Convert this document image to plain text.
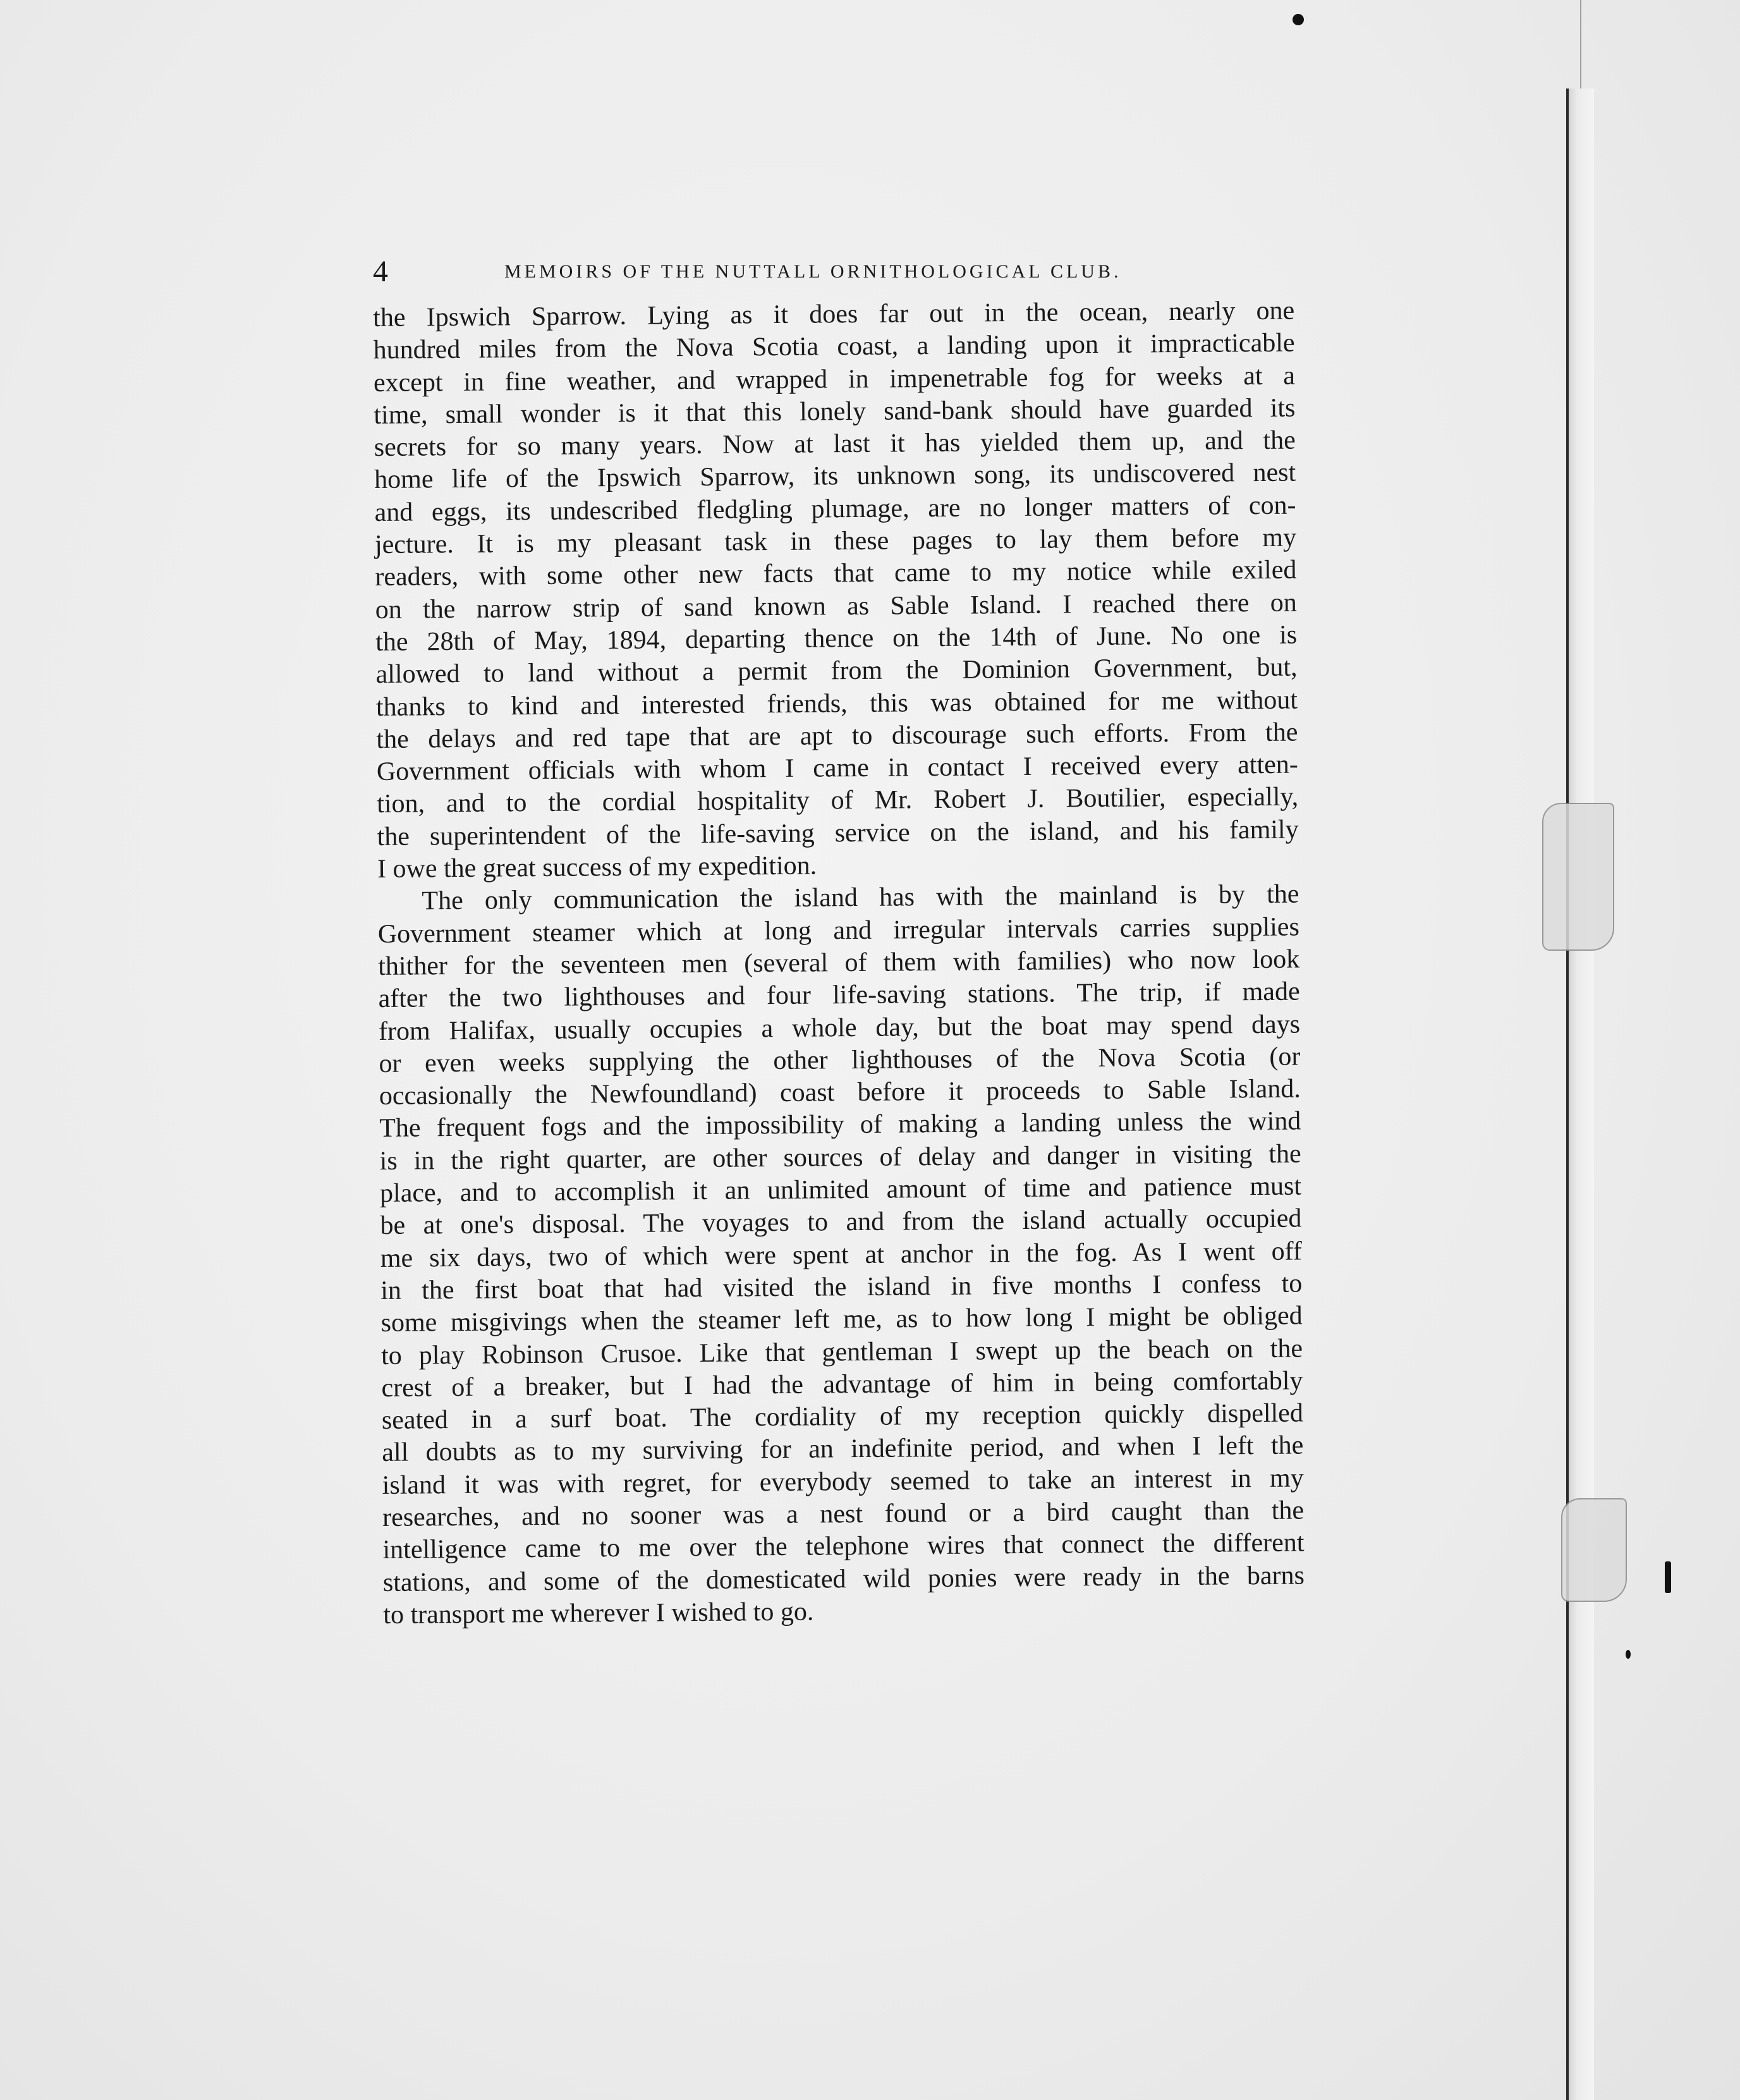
4	MEMOIRS OF THE NUTTALL ORNITHOLOGICAL CLUB.
the Ipswich Sparrow. Lying as it does far out in the ocean, nearly one
hundred miles from the Nova Scotia coast, a landing upon it impracticable
except in fine weather, and wrapped in impenetrable fog for weeks at a
time, small wonder is it that this lonely sand-bank should have guarded its
secrets for so many years. Now at last it has yielded them up, and the
home life of the Ipswich Sparrow, its unknown song, its undiscovered nest
and eggs, its undescribed fledgling plumage, are no longer matters of con-
jecture. It is my pleasant task in these pages to lay them before my
readers, with some other new facts that came to my notice while exiled
on the narrow strip of sand known as Sable Island. I reached there on
the 28th of May, 1894, departing thence on the 14th of June. No one is
allowed to land without a permit from the Dominion Government, but,
thanks to kind and interested friends, this was obtained for me without
the delays and red tape that are apt to discourage such efforts. From the
Government officials with whom I came in contact I received every atten-
tion, and to the cordial hospitality of Mr. Robert J. Boutilier, especially,
the superintendent of the life-saving service on the island, and his family
I owe the great success of my expedition.
The only communication the island has with the mainland is by the
Government steamer which at long and irregular intervals carries supplies
thither for the seventeen men (several of them with families) who now look
after the two lighthouses and four life-saving stations. The trip, if made
from Halifax, usually occupies a whole day, but the boat may spend days
or even weeks supplying the other lighthouses of the Nova Scotia (or
occasionally the Newfoundland) coast before it proceeds to Sable Island.
The frequent fogs and the impossibility of making a landing unless the wind
is in the right quarter, are other sources of delay and danger in visiting the
place, and to accomplish it an unlimited amount of time and patience must
be at one's disposal. The voyages to and from the island actually occupied
me six days, two of which were spent at anchor in the fog. As I went off
in the first boat that had visited the island in five months I confess to
some misgivings when the steamer left me, as to how long I might be obliged
to play Robinson Crusoe. Like that gentleman I swept up the beach on the
crest of a breaker, but I had the advantage of him in being comfortably
seated in a surf boat. The cordiality of my reception quickly dispelled
all doubts as to my surviving for an indefinite period, and when I left the
island it was with regret, for everybody seemed to take an interest in my
researches, and no sooner was a nest found or a bird caught than the
intelligence came to me over the telephone wires that connect the different
stations, and some of the domesticated wild ponies were ready in the barns
to transport me wherever I wished to go.
